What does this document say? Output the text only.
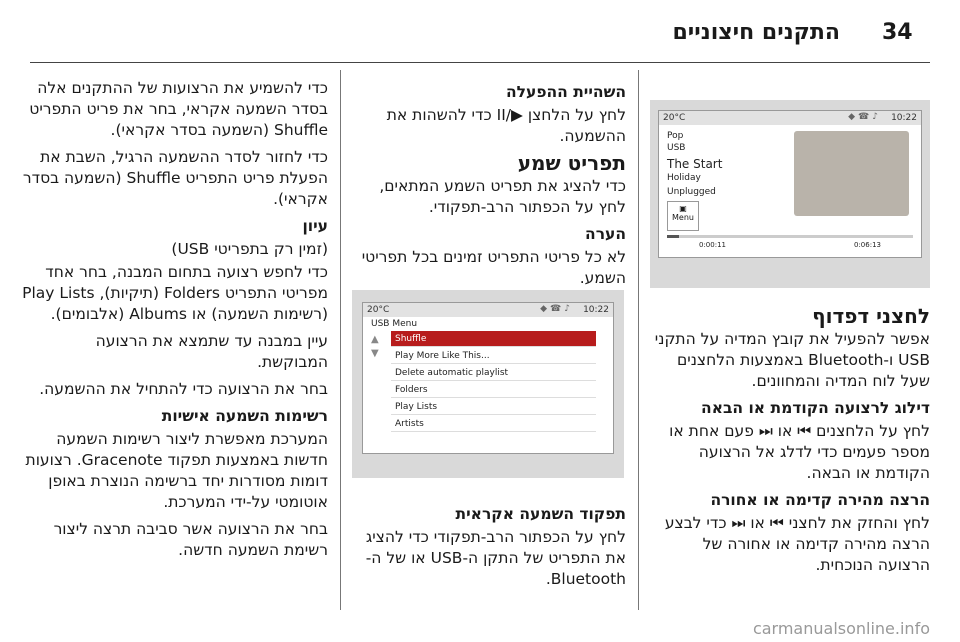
34
התקנים חיצוניים
20°C	◆☎♪ 10:22
Pop
USB
The Start
Holiday
Unplugged
▣
Menu
0:00:11	0:06:13
לחצני דפדוף

אפשר להפעיל את קובץ המדיה על התקני USB ו-Bluetooth באמצעות הלחצנים שעל לוח המדיה והמחוונים.

דילוג לרצועה הקודמת או הבאה

לחץ על הלחצנים ⏮ או ⏭ פעם אחת או מספר פעמים כדי לדלג אל הרצועה הקודמת או הבאה.

הרצה מהירה קדימה או אחורה

לחץ והחזק את לחצני ⏮ או ⏭ כדי לבצע הרצה מהירה קדימה או אחורה של הרצועה הנוכחית.

השהיית ההפעלה

לחץ על הלחצן ▶/II כדי להשהות את ההשמעה.

תפריט שמע

כדי להציג את תפריט השמע המתאים, לחץ על הכפתור הרב-תפקודי.

הערה

לא כל פריטי התפריט זמינים בכל תפריטי השמע.

20°C	◆☎♪ 10:22
USB Menu
Shuffle
Play More Like This...
Delete automatic playlist
Folders
Play Lists
Artists
▲
▼
תפקוד השמעה אקראית

לחץ על הכפתור הרב-תפקודי כדי להציג את התפריט של התקן ה-USB או של ה-Bluetooth.

כדי להשמיע את הרצועות של ההתקנים אלה בסדר השמעה אקראי, בחר את פריט התפריט Shuffle (השמעה בסדר אקראי).

כדי לחזור לסדר ההשמעה הרגיל, השבת את הפעלת פריט התפריט Shuffle (השמעה בסדר אקראי).

עיון

(זמין רק בתפריטי USB)

כדי לחפש רצועה בתחום המבנה, בחר אחד מפריטי התפריט Folders (תיקיות), Play Lists (רשימות השמעה) או Albums (אלבומים).

עיין במבנה עד שתמצא את הרצועה המבוקשת.

בחר את הרצועה כדי להתחיל את ההשמעה.

רשימות השמעה אישיות

המערכת מאפשרת ליצור רשימות השמעה חדשות באמצעות תפקוד Gracenote. רצועות דומות מסודרות יחד ברשימה הנוצרת באופן אוטומטי על-ידי המערכת.

בחר את הרצועה אשר סביבה תרצה ליצור רשימת השמעה חדשה.

carmanualsonline.info
